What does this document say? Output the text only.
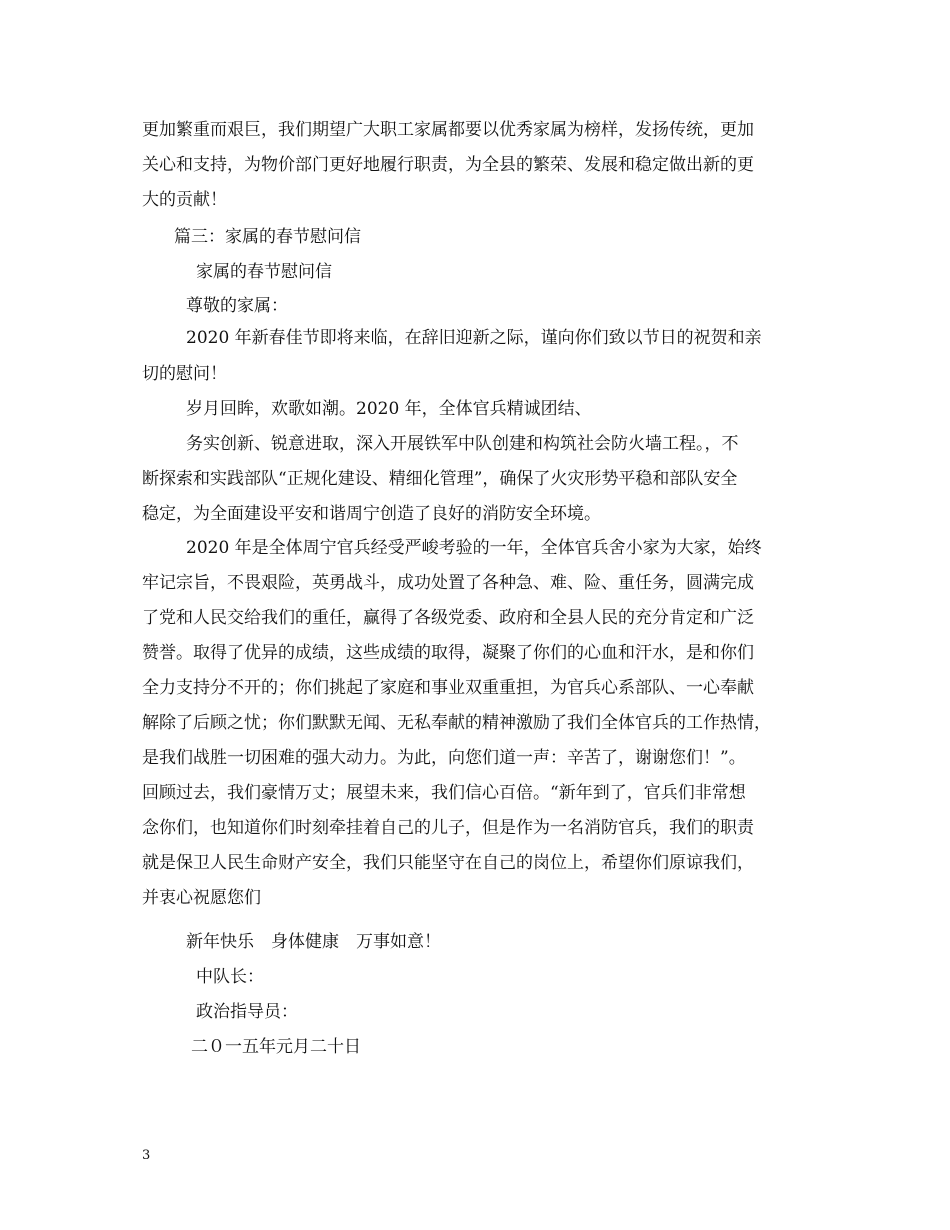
更加繁重而艰巨，我们期望广大职工家属都要以优秀家属为榜样，发扬传统，更加
关心和支持，为物价部门更好地履行职责，为全县的繁荣、发展和稳定做出新的更
大的贡献！
篇三：家属的春节慰问信
家属的春节慰问信
尊敬的家属：
2020 年新春佳节即将来临，在辞旧迎新之际，谨向你们致以节日的祝贺和亲
切的慰问！
岁月回眸，欢歌如潮。2020 年，全体官兵精诚团结、
务实创新、锐意进取，深入开展铁军中队创建和构筑社会防火墙工程。，不
断探索和实践部队“正规化建设、精细化管理”，确保了火灾形势平稳和部队安全
稳定，为全面建设平安和谐周宁创造了良好的消防安全环境。
2020 年是全体周宁官兵经受严峻考验的一年，全体官兵舍小家为大家，始终
牢记宗旨，不畏艰险，英勇战斗，成功处置了各种急、难、险、重任务，圆满完成
了党和人民交给我们的重任，赢得了各级党委、政府和全县人民的充分肯定和广泛
赞誉。取得了优异的成绩，这些成绩的取得，凝聚了你们的心血和汗水，是和你们
全力支持分不开的；你们挑起了家庭和事业双重重担，为官兵心系部队、一心奉献
解除了后顾之忧；你们默默无闻、无私奉献的精神激励了我们全体官兵的工作热情，
是我们战胜一切困难的强大动力。为此，向您们道一声：辛苦了，谢谢您们！”。
回顾过去，我们豪情万丈；展望未来，我们信心百倍。“新年到了，官兵们非常想
念你们，也知道你们时刻牵挂着自己的儿子，但是作为一名消防官兵，我们的职责
就是保卫人民生命财产安全，我们只能坚守在自己的岗位上，希望你们原谅我们，
并衷心祝愿您们
新年快乐　身体健康　万事如意！
中队长：
政治指导员：
二０一五年元月二十日
3
